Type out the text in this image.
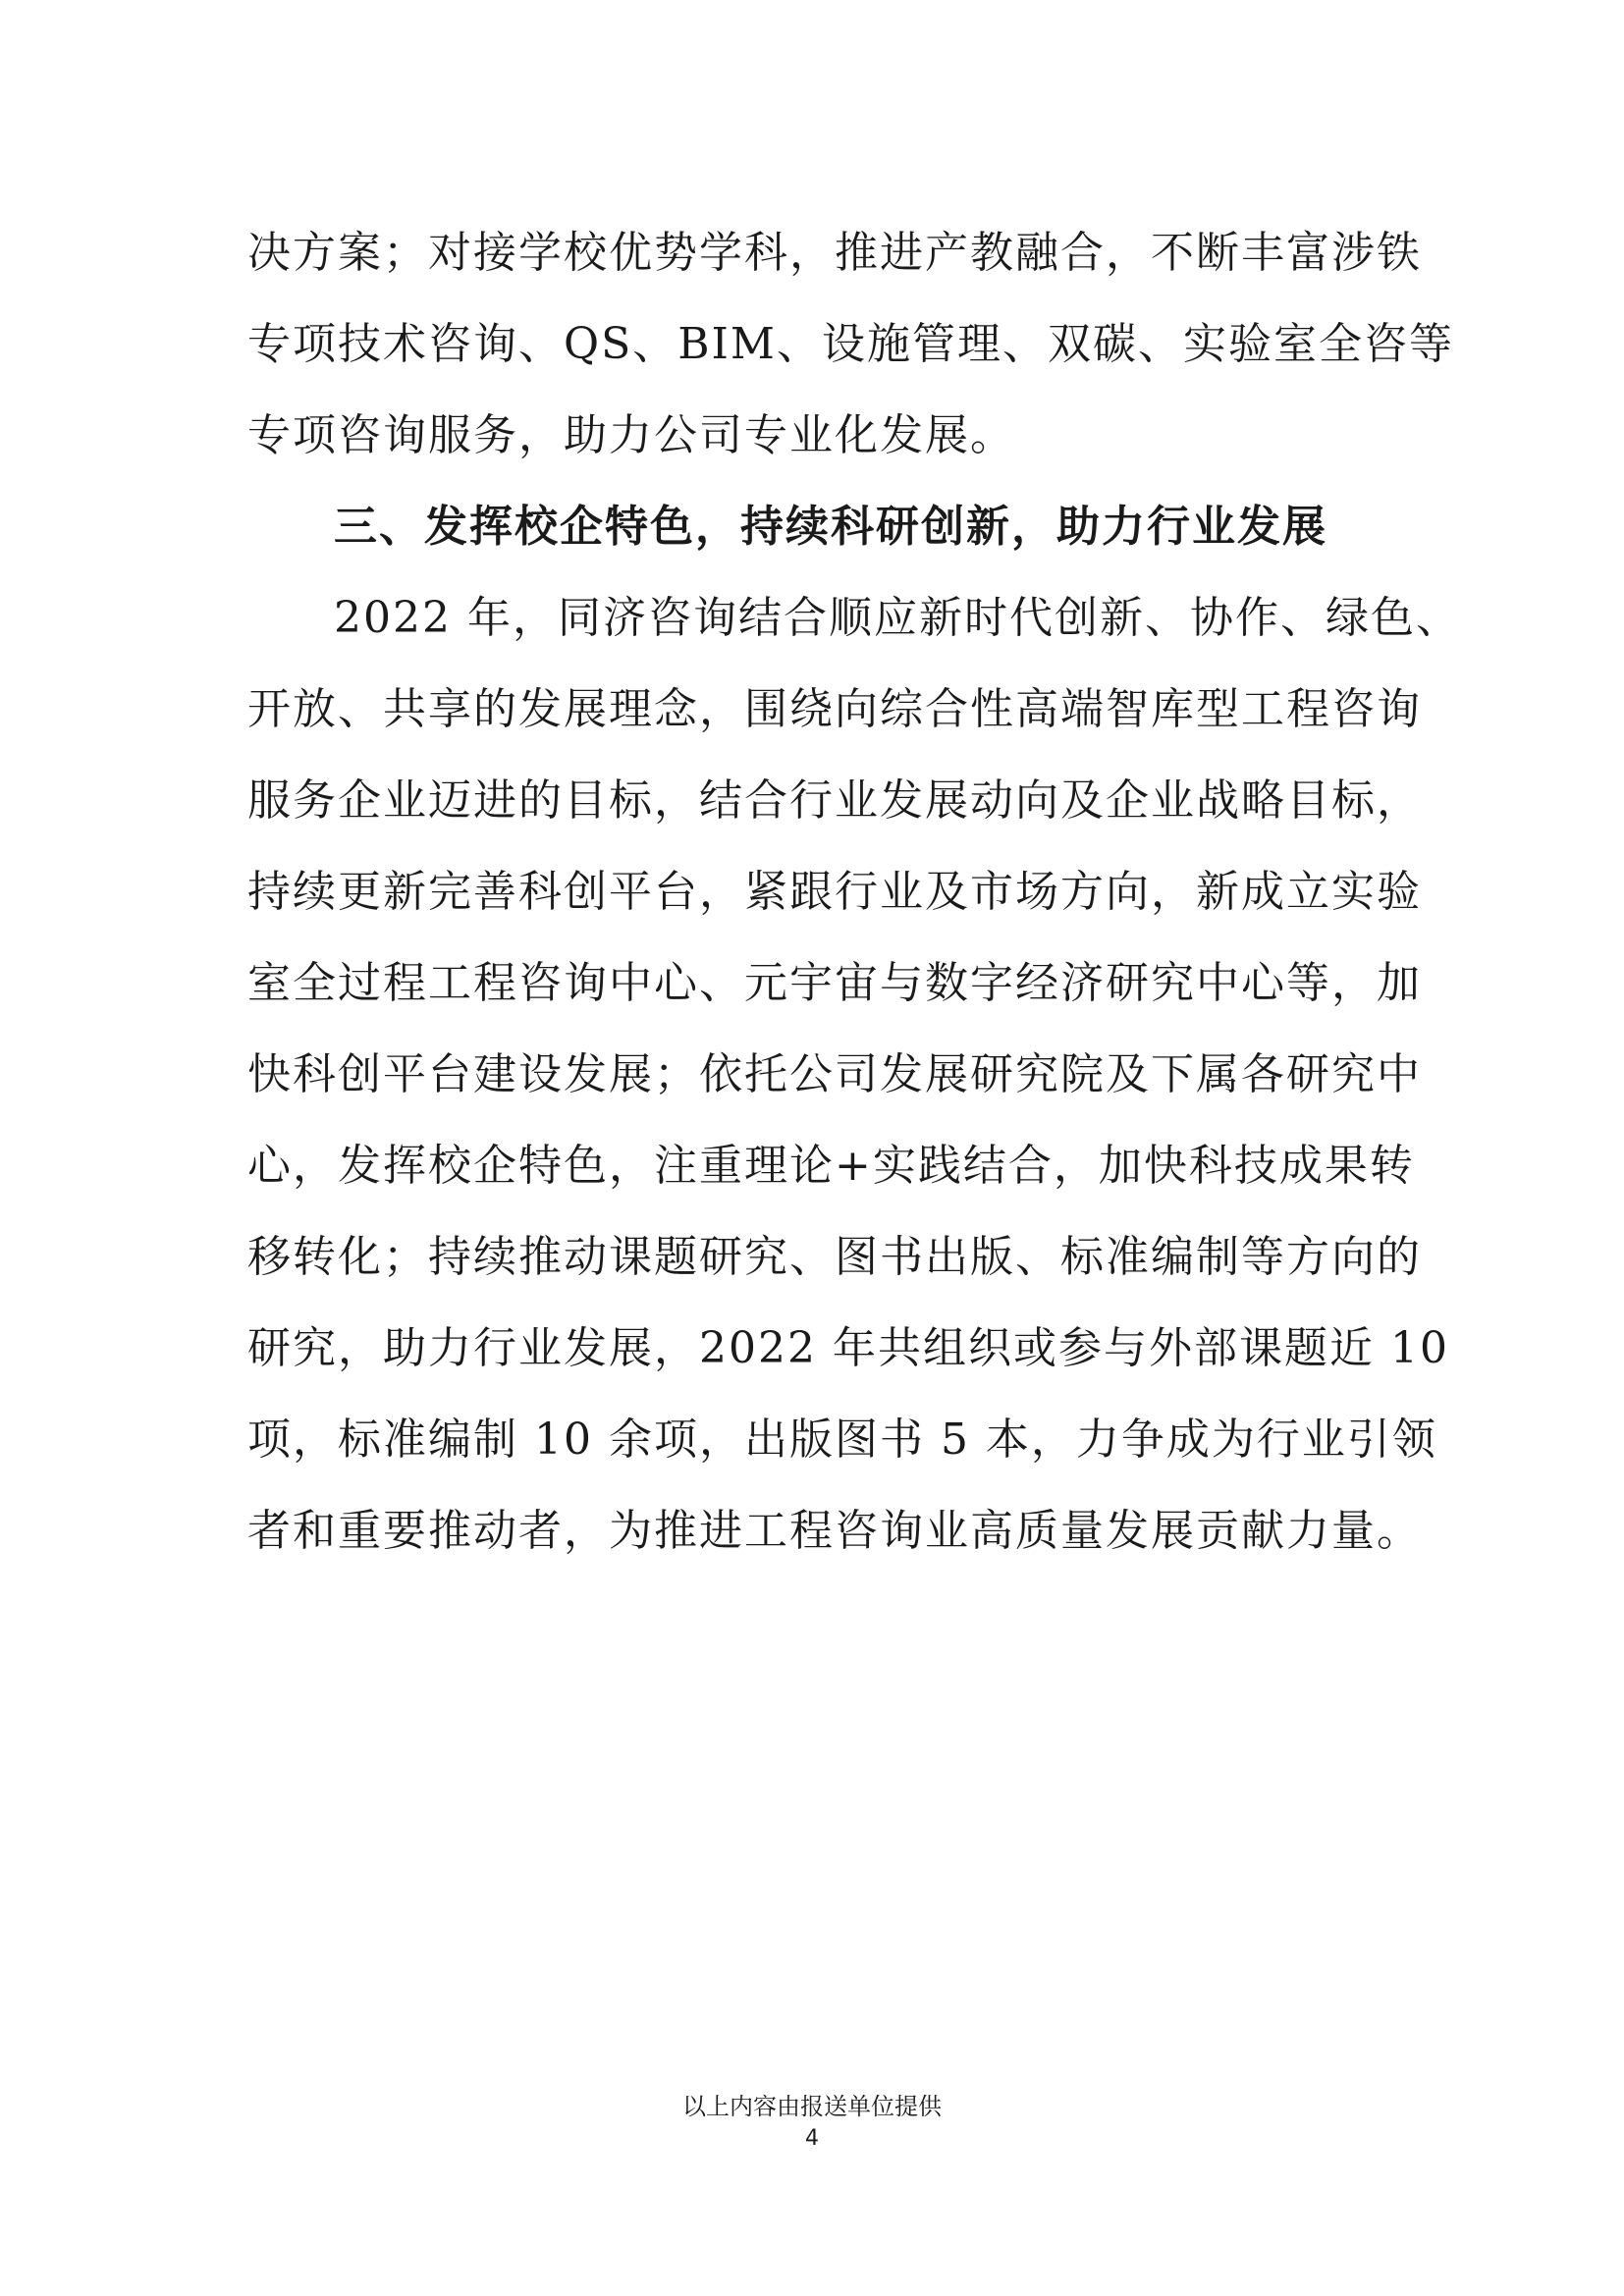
决方案；对接学校优势学科，推进产教融合，不断丰富涉铁
专项技术咨询、QS、BIM、设施管理、双碳、实验室全咨等
专项咨询服务，助力公司专业化发展。
三、发挥校企特色，持续科研创新，助力行业发展
2022 年，同济咨询结合顺应新时代创新、协作、绿色、
开放、共享的发展理念，围绕向综合性高端智库型工程咨询
服务企业迈进的目标，结合行业发展动向及企业战略目标，
持续更新完善科创平台，紧跟行业及市场方向，新成立实验
室全过程工程咨询中心、元宇宙与数字经济研究中心等，加
快科创平台建设发展；依托公司发展研究院及下属各研究中
心，发挥校企特色，注重理论+实践结合，加快科技成果转
移转化；持续推动课题研究、图书出版、标准编制等方向的
研究，助力行业发展，2022 年共组织或参与外部课题近 10
项，标准编制 10 余项，出版图书 5 本，力争成为行业引领
者和重要推动者，为推进工程咨询业高质量发展贡献力量。
以上内容由报送单位提供
4
